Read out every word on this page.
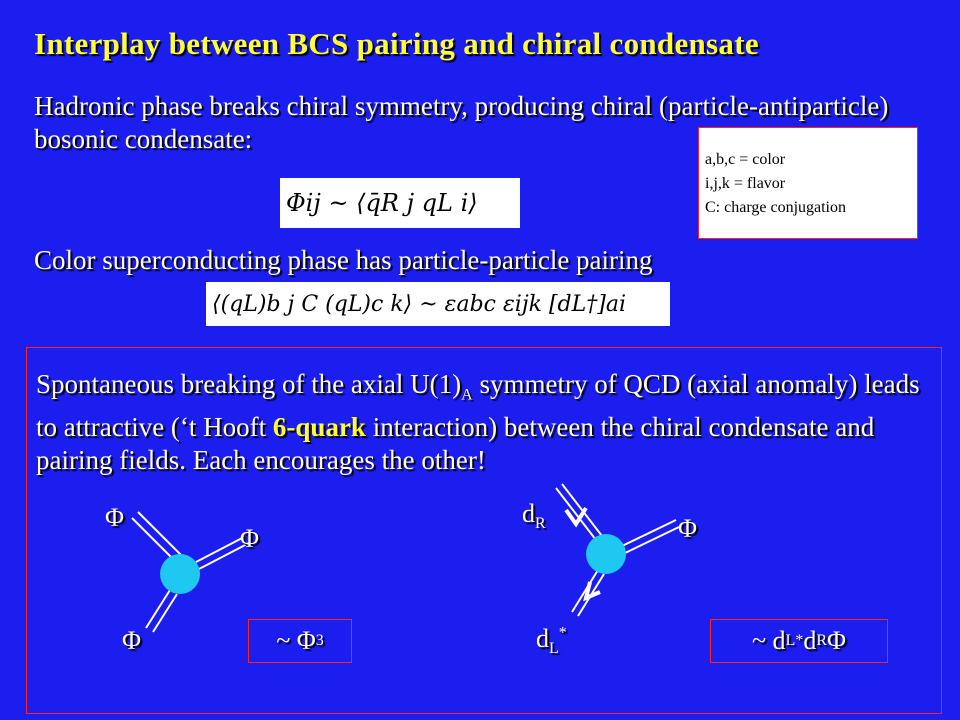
Interplay between BCS pairing and chiral condensate
Hadronic phase breaks chiral symmetry, producing chiral (particle-antiparticle) bosonic condensate:
a,b,c = color
i,j,k = flavor
C: charge conjugation
Φij ~ ⟨q̄R j qL i⟩
Color superconducting phase has particle-particle pairing
⟨(qL)b j C (qL)c k⟩ ~ εabc εijk [dL†]ai
Spontaneous breaking of the axial $U(1)_A$ symmetry of QCD (axial anomaly) leads to attractive (‘t Hooft 6-quark interaction) between the chiral condensate and pairing fields. Each encourages the other!
Φ
Φ
Φ	~ Φ 3
$d_R$	Φ
$d_L^*$	~ d L * d R Φ
